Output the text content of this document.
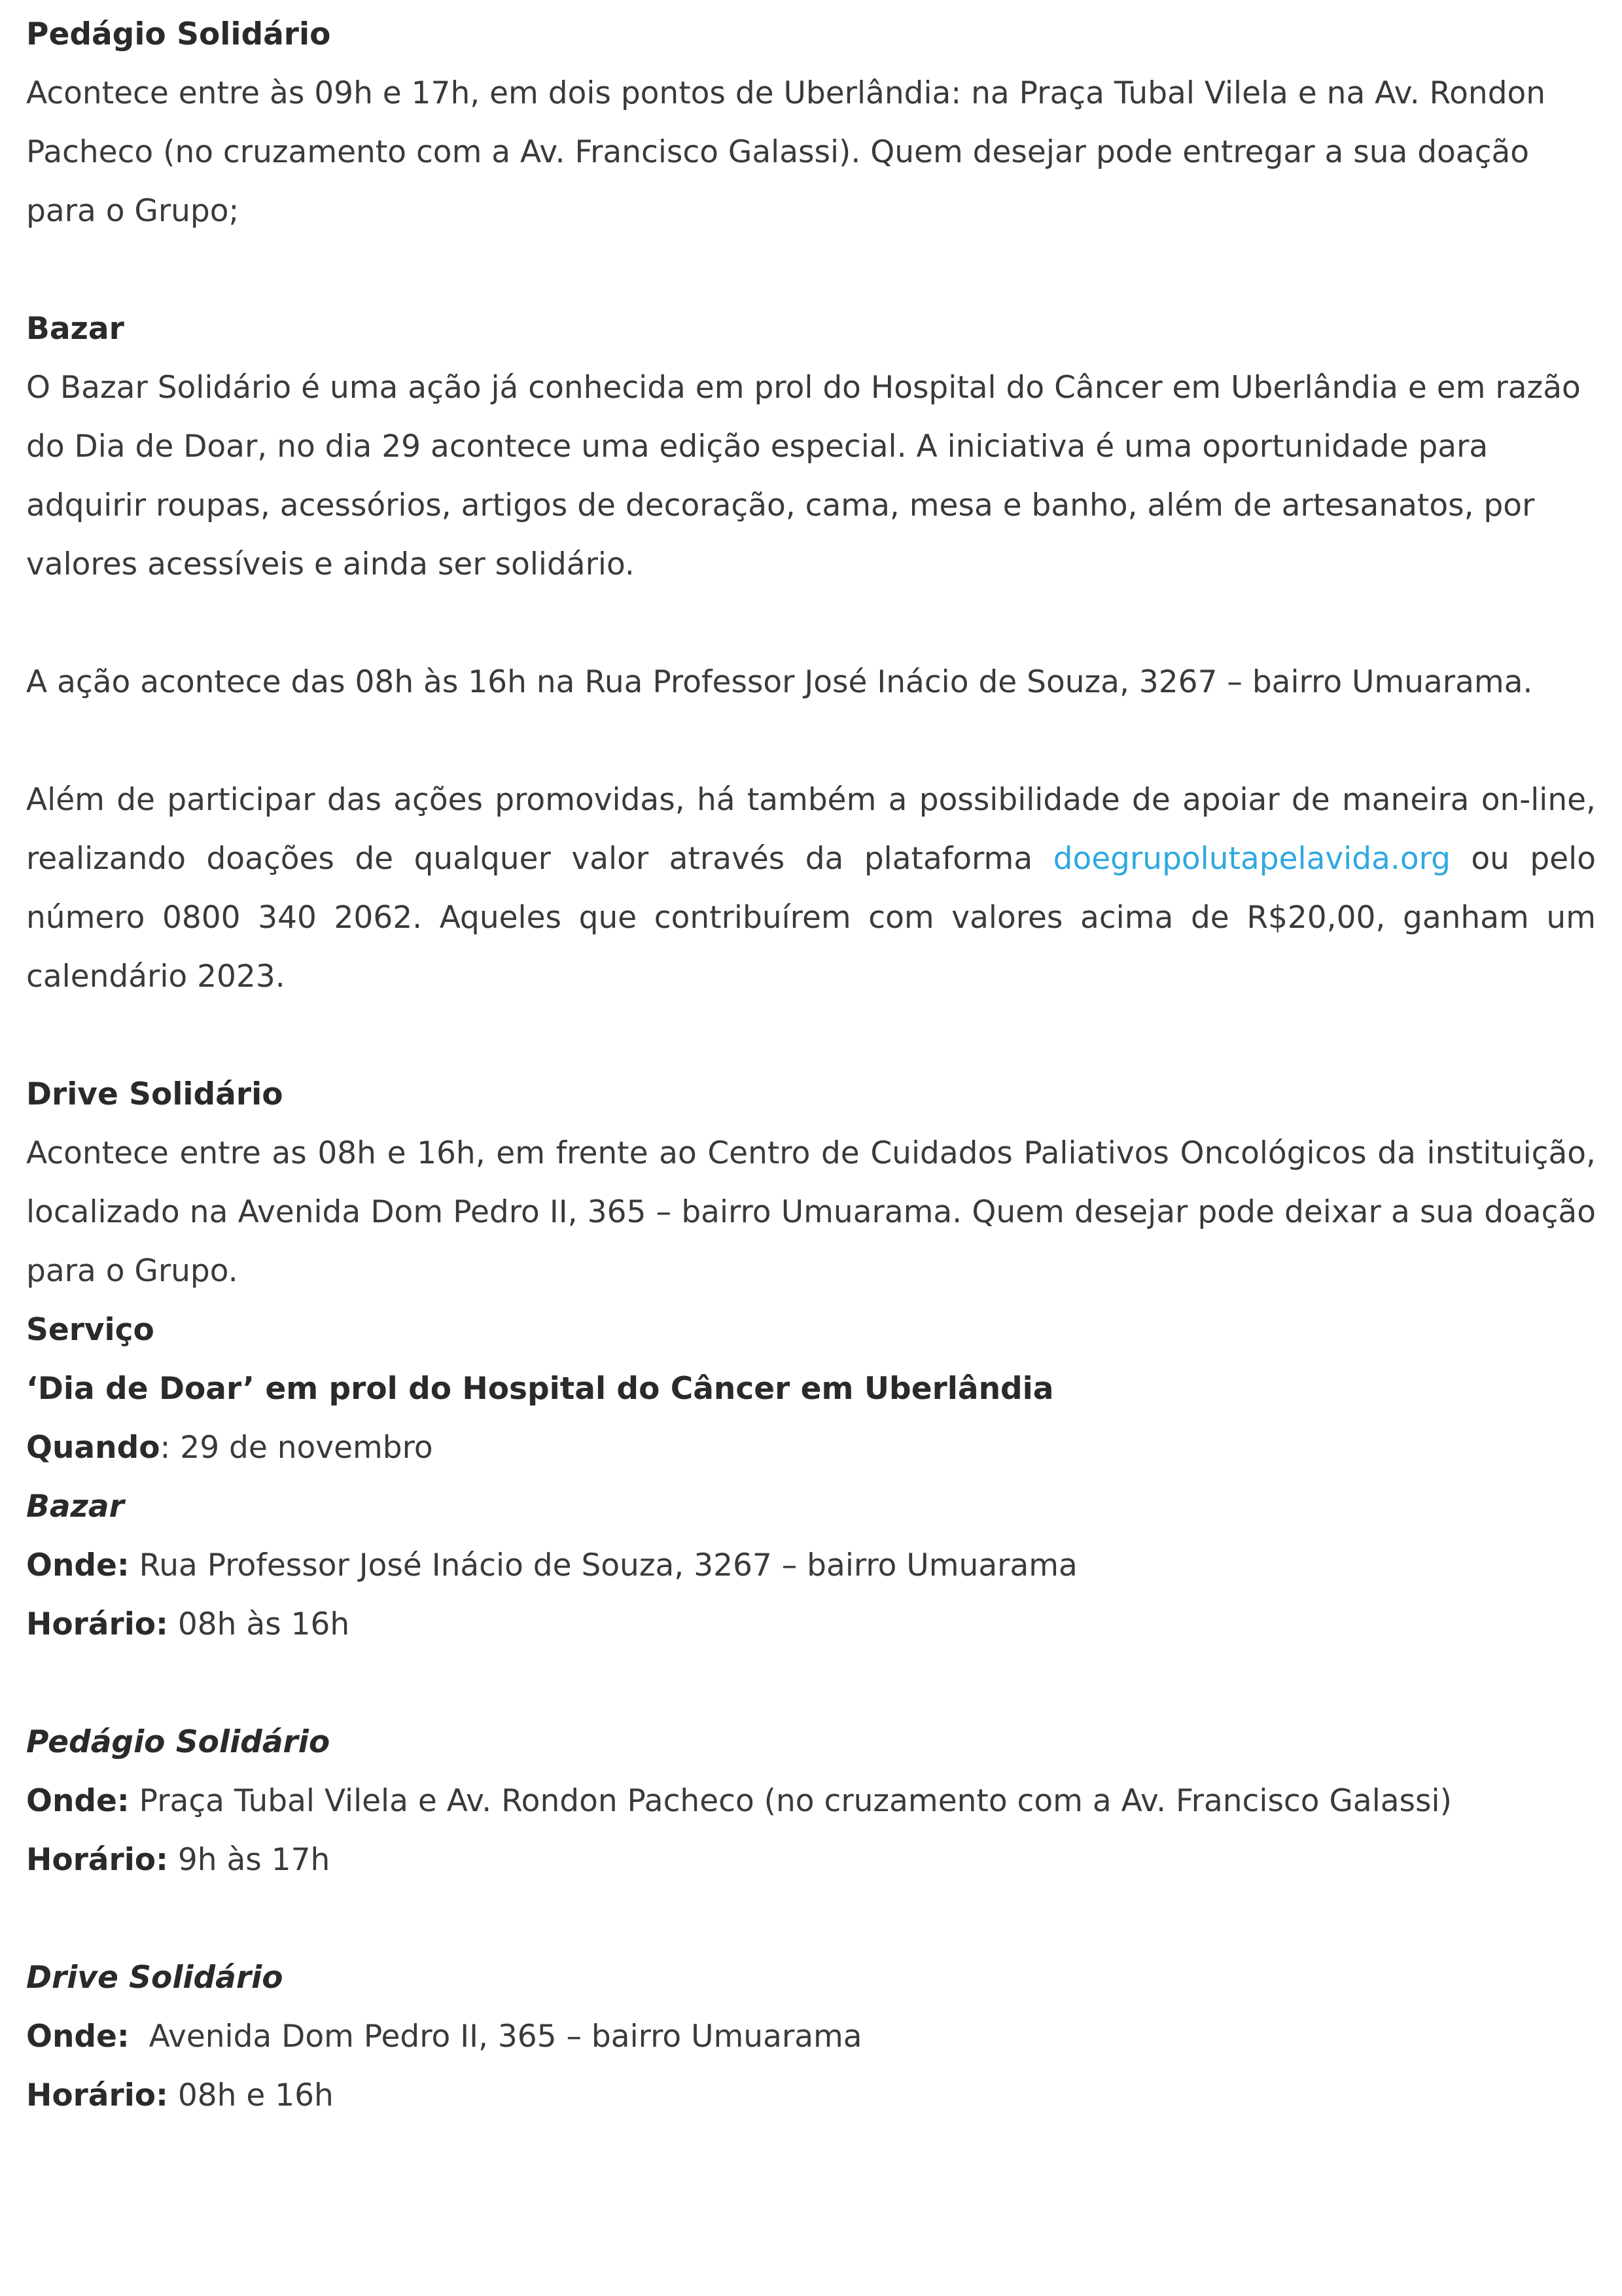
Pedágio Solidário
Acontece entre às 09h e 17h, em dois pontos de Uberlândia: na Praça Tubal Vilela e na Av. Rondon Pacheco (no cruzamento com a Av. Francisco Galassi). Quem desejar pode entregar a sua doação para o Grupo;

Bazar
O Bazar Solidário é uma ação já conhecida em prol do Hospital do Câncer em Uberlândia e em razão do Dia de Doar, no dia 29 acontece uma edição especial. A iniciativa é uma oportunidade para adquirir roupas, acessórios, artigos de decoração, cama, mesa e banho, além de artesanatos, por valores acessíveis e ainda ser solidário.

A ação acontece das 08h às 16h na Rua Professor José Inácio de Souza, 3267 – bairro Umuarama.

Além de participar das ações promovidas, há também a possibilidade de apoiar de maneira on-line, realizando doações de qualquer valor através da plataforma doegrupolutapelavida.org ou pelo número 0800 340 2062. Aqueles que contribuírem com valores acima de R$20,00, ganham um calendário 2023.

Drive Solidário
Acontece entre as 08h e 16h, em frente ao Centro de Cuidados Paliativos Oncológicos da instituição, localizado na Avenida Dom Pedro II, 365 – bairro Umuarama. Quem desejar pode deixar a sua doação para o Grupo.

Serviço
‘Dia de Doar’ em prol do Hospital do Câncer em Uberlândia
Quando: 29 de novembro
Bazar
Onde: Rua Professor José Inácio de Souza, 3267 – bairro Umuarama
Horário: 08h às 16h

Pedágio Solidário
Onde: Praça Tubal Vilela e Av. Rondon Pacheco (no cruzamento com a Av. Francisco Galassi)
Horário: 9h às 17h

Drive Solidário
Onde:  Avenida Dom Pedro II, 365 – bairro Umuarama
Horário: 08h e 16h
